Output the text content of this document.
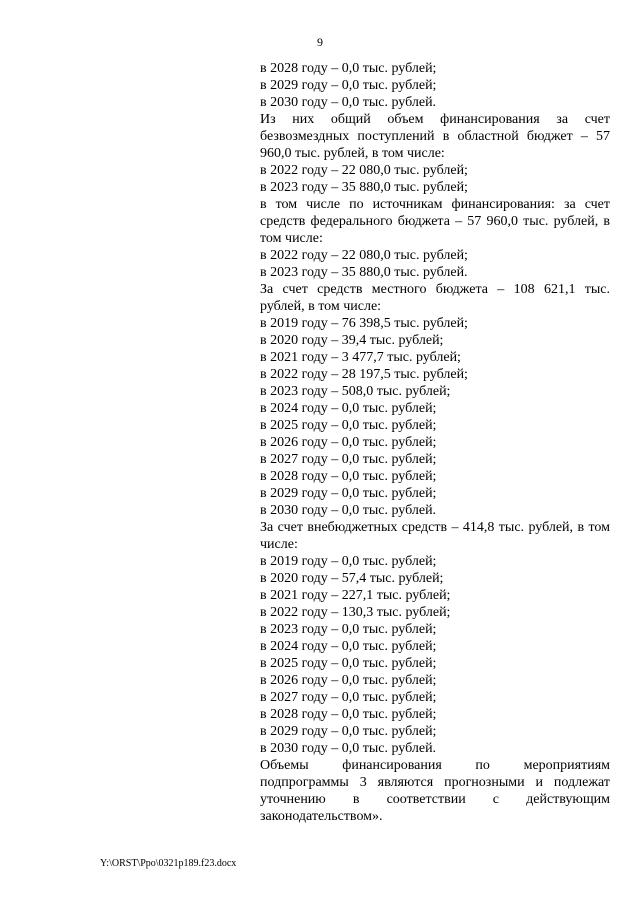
9
в 2028 году – 0,0 тыс. рублей;
в 2029 году – 0,0 тыс. рублей;
в 2030 году – 0,0 тыс. рублей.
Из них общий объем финансирования за счет безвозмездных поступлений в областной бюджет – 57 960,0 тыс. рублей, в том числе:
в 2022 году – 22 080,0 тыс. рублей;
в 2023 году – 35 880,0 тыс. рублей;
в том числе по источникам финансирования: за счет средств федерального бюджета – 57 960,0 тыс. рублей, в том числе:
в 2022 году – 22 080,0 тыс. рублей;
в 2023 году – 35 880,0 тыс. рублей.
За счет средств местного бюджета – 108 621,1 тыс. рублей, в том числе:
в 2019 году – 76 398,5 тыс. рублей;
в 2020 году – 39,4 тыс. рублей;
в 2021 году – 3 477,7 тыс. рублей;
в 2022 году – 28 197,5 тыс. рублей;
в 2023 году – 508,0 тыс. рублей;
в 2024 году – 0,0 тыс. рублей;
в 2025 году – 0,0 тыс. рублей;
в 2026 году – 0,0 тыс. рублей;
в 2027 году – 0,0 тыс. рублей;
в 2028 году – 0,0 тыс. рублей;
в 2029 году – 0,0 тыс. рублей;
в 2030 году – 0,0 тыс. рублей.
За счет внебюджетных средств – 414,8 тыс. рублей, в том числе:
в 2019 году – 0,0 тыс. рублей;
в 2020 году – 57,4 тыс. рублей;
в 2021 году – 227,1 тыс. рублей;
в 2022 году – 130,3 тыс. рублей;
в 2023 году – 0,0 тыс. рублей;
в 2024 году – 0,0 тыс. рублей;
в 2025 году – 0,0 тыс. рублей;
в 2026 году – 0,0 тыс. рублей;
в 2027 году – 0,0 тыс. рублей;
в 2028 году – 0,0 тыс. рублей;
в 2029 году – 0,0 тыс. рублей;
в 2030 году – 0,0 тыс. рублей.
Объемы финансирования по мероприятиям подпрограммы 3 являются прогнозными и подлежат уточнению в соответствии с действующим законодательством».
Y:\ORST\Ppo\0321p189.f23.docx
